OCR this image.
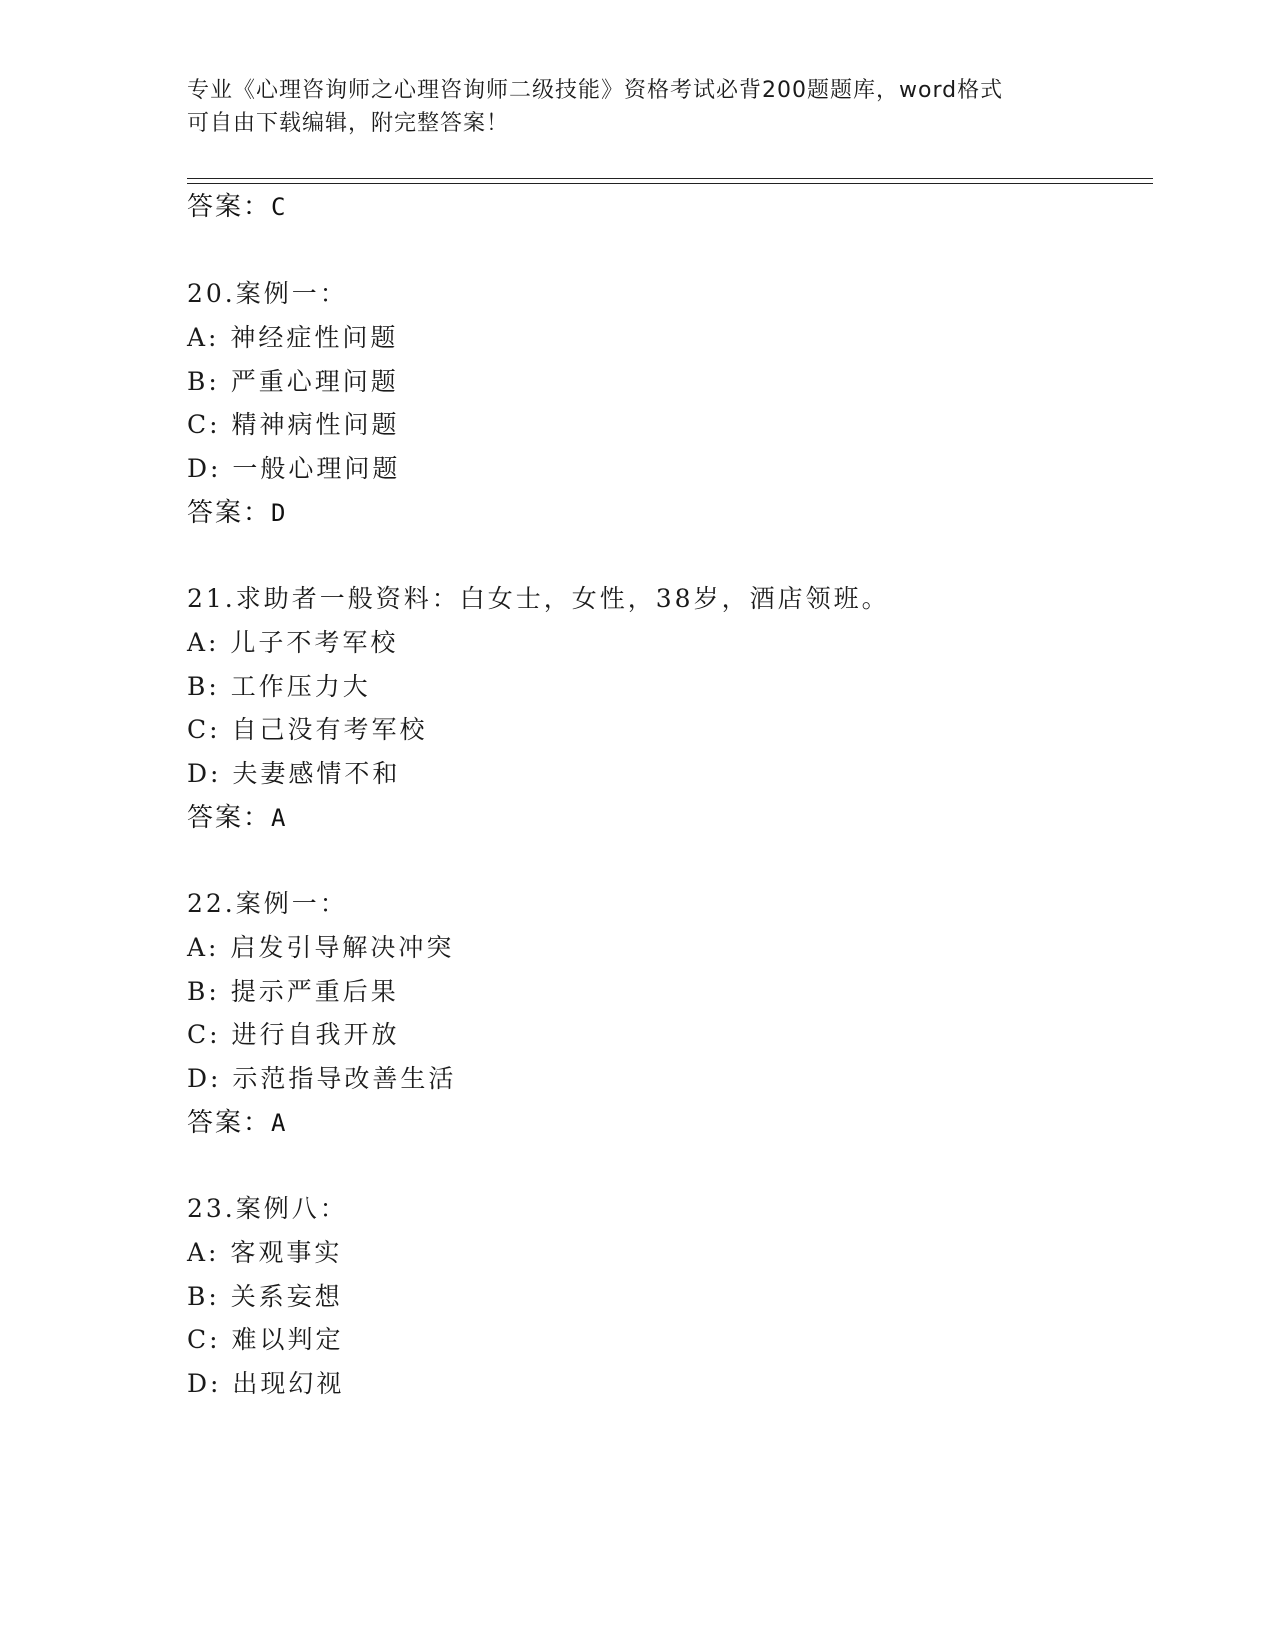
专业《心理咨询师之心理咨询师二级技能》资格考试必背200题题库，word格式
可自由下载编辑，附完整答案！
答案：C
20.案例一：
A: 神经症性问题
B: 严重心理问题
C: 精神病性问题
D: 一般心理问题
答案：D
21.求助者一般资料：白女士，女性，38岁，酒店领班。
A: 儿子不考军校
B: 工作压力大
C: 自己没有考军校
D: 夫妻感情不和
答案：A
22.案例一：
A: 启发引导解决冲突
B: 提示严重后果
C: 进行自我开放
D: 示范指导改善生活
答案：A
23.案例八：
A: 客观事实
B: 关系妄想
C: 难以判定
D: 出现幻视
